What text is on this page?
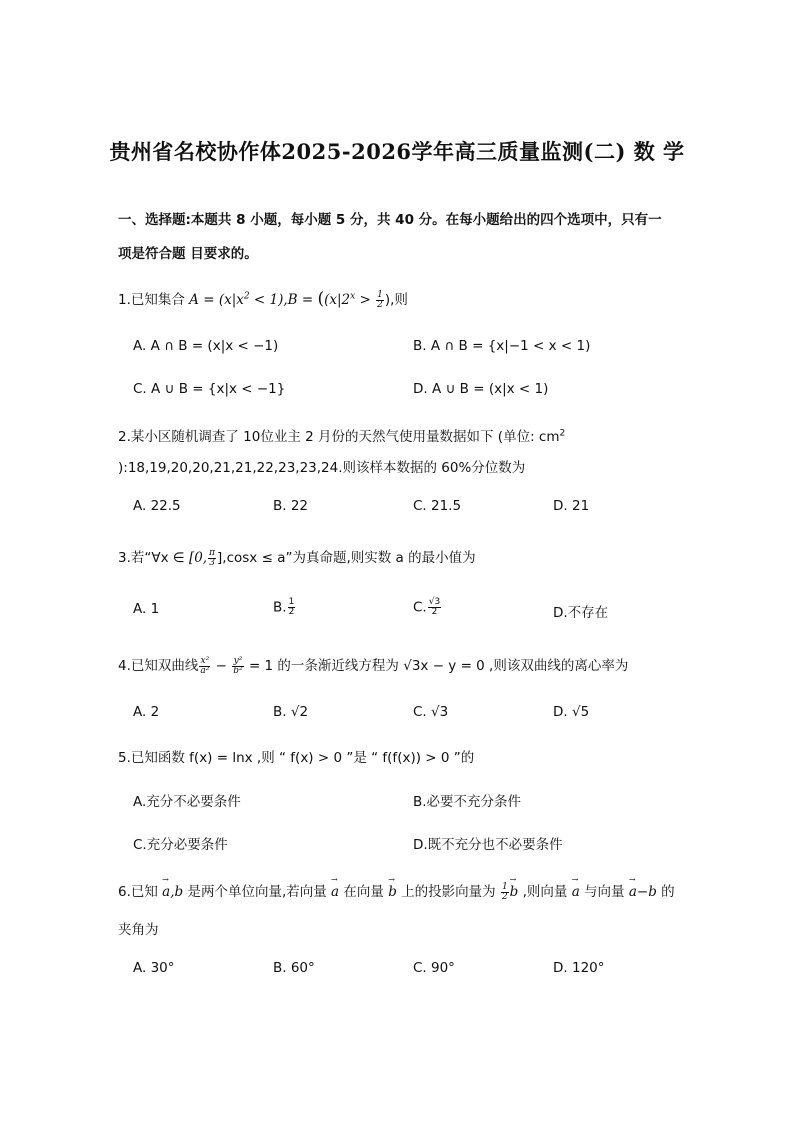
贵州省名校协作体2025-2026学年高三质量监测(二) 数 学
一、选择题:本题共 8 小题，每小题 5 分，共 40 分。在每小题给出的四个选项中，只有一
项是符合题 目要求的。
1.已知集合 $A = (x|x^2 < 1),B = ((x|2^x > \frac{1}{2}$ ),则
A. A ∩ B = (x|x < −1)	B. A ∩ B = {x|−1 < x < 1)
C. A ∪ B = {x|x < −1}	D. A ∪ B = (x|x < 1)
2.某小区随机调查了 10位业主 2 月份的天然气使用量数据如下 (单位: $cm^2$
):18,19,20,20,21,21,22,23,23,24.则该样本数据的 60%分位数为
A. 22.5	B. 22	C. 21.5	D. 21
3.若“∀x ∈ [0, $\frac{\pi}{3} ],\cos x \le a$”为真命题,则实数 a 的最小值为
A. 1	B. $\frac{1}{2}$	C. $\frac{√3}{2}$	D.不存在
4.已知双曲线 $\frac{\text{x²}}{\text{a²}} - \frac{\text{y²}}{\text{b²}} = 1$ 的一条渐近线方程为 √3x − y = 0 ,则该双曲线的离心率为
A. 2	B. √2	C. √3	D. √5
5.已知函数 f(x) = lnx ,则 “ f(x) > 0 ”是 “ f(f(x)) > 0 ”的
A.充分不必要条件	B.必要不充分条件
C.充分必要条件	D.既不充分也不必要条件
6.已知 → a,b 是两个单位向量,若向量 → a 在向量 → b 上的投影向量为 $\frac{1}{2}$
→ b ,则向量 → a 与向量 → a−b 的
夹角为
A. 30°	B. 60°	C. 90°	D. 120°
